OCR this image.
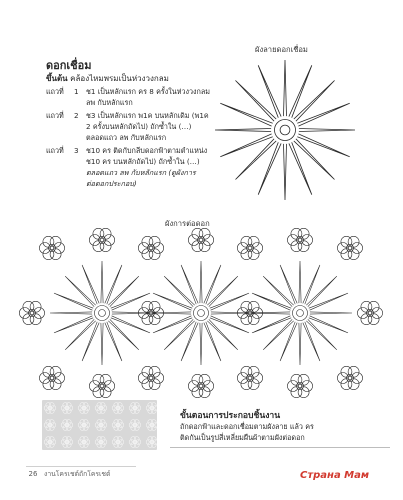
ดอกเชื่อม
ขึ้นต้น คล้องไหมพรมเป็นห่วงวงกลม
แถวที่	1	ช1 เป็นหลักแรก คร 8 ครั้งในห่วงวงกลม
ลพ กับหลักแรก
แถวที่	2	ช3 เป็นหลักแรก พ1ค บนหลักเดิม (พ1ค
2 ครั้งบนหลักถัดไป) ถักซ้ำใน (…)
ตลอดแถว ลพ กับหลักแรก
แถวที่	3	ช10 คร ติดกับกลีบดอกฟ้าตามตำแหน่ง
ช10 คร บนหลักถัดไป) ถักซ้ำใน (…)
ตลอดแถว ลพ กับหลักแรก (ดูผังการ
ต่อดอกประกอบ)
ผังลายดอกเชื่อม
ผังการต่อดอก
ขั้นตอนการประกอบชิ้นงาน
ถักดอกฟ้าและดอกเชื่อมตามผังลาย แล้ว คร
ติดกันเป็นรูปสี่เหลี่ยมผืนผ้าตามผังต่อดอก
26 งานโครเชต์ถักโครเชต์	Страна Мам
